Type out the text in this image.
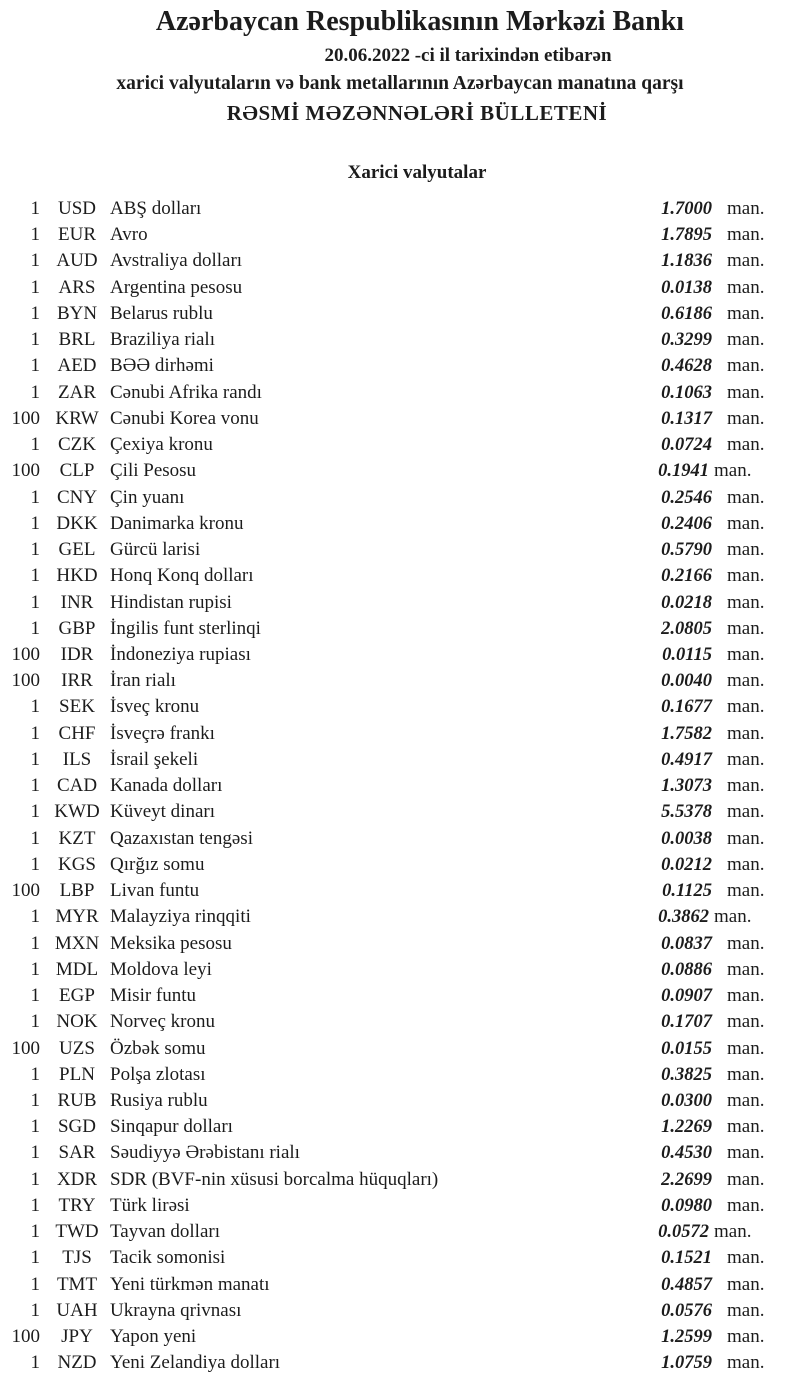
Azərbaycan Respublikasının Mərkəzi Bankı
20.06.2022 -ci il tarixindən etibarən
xarici valyutaların və bank metallarının Azərbaycan manatına qarşı
RƏSMİ MƏZƏNNƏLƏRİ BÜLLETENİ
Xarici valyutalar
1 USD ABŞ dolları	1.7000 man.
1 EUR Avro	1.7895 man.
1 AUD Avstraliya dolları	1.1836 man.
1 ARS Argentina pesosu	0.0138 man.
1 BYN Belarus rublu	0.6186 man.
1 BRL Braziliya rialı	0.3299 man.
1 AED BƏƏ dirhəmi	0.4628 man.
1 ZAR Cənubi Afrika randı	0.1063 man.
100 KRW Cənubi Korea vonu	0.1317 man.
1 CZK Çexiya kronu	0.0724 man.
100	CLP Çili Pesosu	0.1941 man.
1 CNY Çin yuanı	0.2546 man.
1 DKK Danimarka kronu	0.2406 man.
1 GEL Gürcü larisi	0.5790 man.
1 HKD Honq Konq dolları	0.2166 man.
1	INR Hindistan rupisi	0.0218 man.
1 GBP İngilis funt sterlinqi	2.0805 man.
100	IDR İndoneziya rupiası	0.0115 man.
100	IRR İran rialı	0.0040 man.
1	SEK İsveç kronu	0.1677 man.
1 CHF İsveçrə frankı	1.7582 man.
1	ILS İsrail şekeli	0.4917 man.
1 CAD Kanada dolları	1.3073 man.
1 KWD Küveyt dinarı	5.5378 man.
1 KZT Qazaxıstan tengəsi	0.0038 man.
1 KGS Qırğız somu	0.0212 man.
100	LBP Livan funtu	0.1125 man.
1 MYR Malayziya rinqqiti	0.3862 man.
1 MXN Meksika pesosu	0.0837 man.
1 MDL Moldova leyi	0.0886 man.
1	EGP Misir funtu	0.0907 man.
1 NOK Norveç kronu	0.1707 man.
100	UZS Özbək somu	0.0155 man.
1	PLN Polşa zlotası	0.3825 man.
1 RUB Rusiya rublu	0.0300 man.
1 SGD Sinqapur dolları	1.2269 man.
1 SAR Səudiyyə Ərəbistanı rialı	0.4530 man.
1 XDR SDR (BVF-nin xüsusi borcalma hüquqları)	2.2699 man.
1 TRY Türk lirəsi	0.0980 man.
1 TWD Tayvan dolları	0.0572 man.
1	TJS Tacik somonisi	0.1521 man.
1 TMT Yeni türkmən manatı	0.4857 man.
1 UAH Ukrayna qrivnası	0.0576 man.
100	JPY Yapon yeni	1.2599 man.
1 NZD Yeni Zelandiya dolları	1.0759 man.
